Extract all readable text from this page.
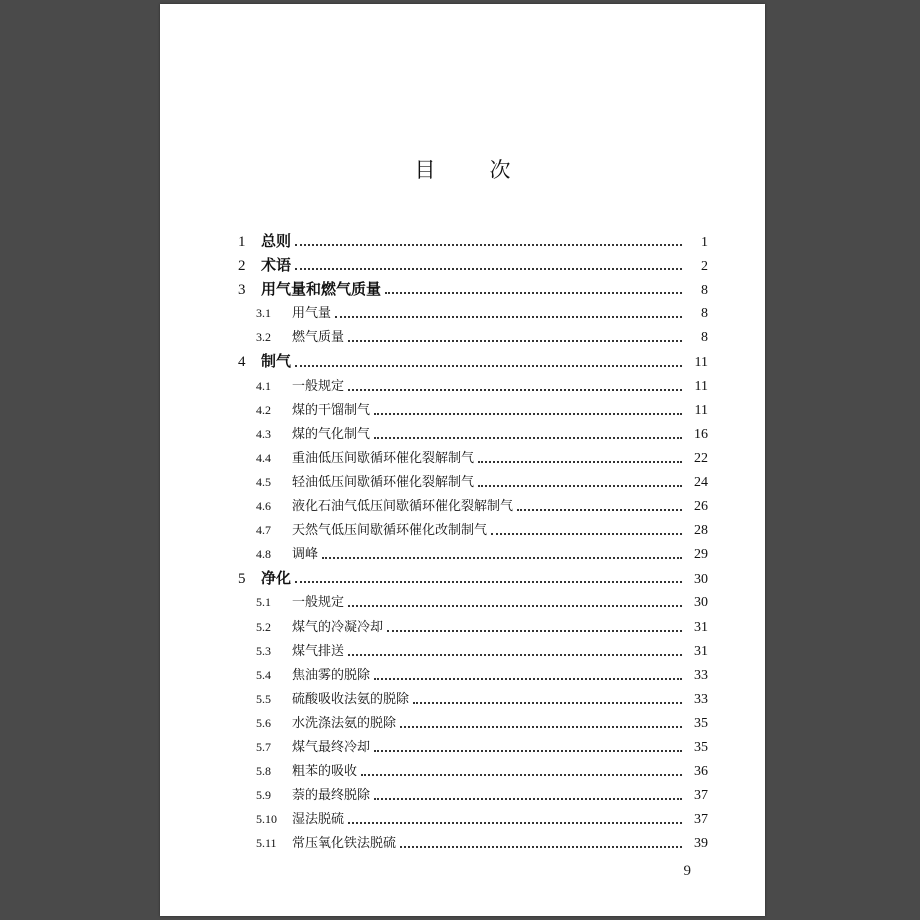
目	次
1	总则	1
2	术语	2
3	用气量和燃气质量	8
3.1	用气量	8
3.2	燃气质量	8
4	制气	11
4.1	一般规定	11
4.2	煤的干馏制气	11
4.3	煤的气化制气	16
4.4	重油低压间歇循环催化裂解制气	22
4.5	轻油低压间歇循环催化裂解制气	24
4.6	液化石油气低压间歇循环催化裂解制气	26
4.7	天然气低压间歇循环催化改制制气	28
4.8	调峰	29
5	净化	30
5.1	一般规定	30
5.2	煤气的冷凝冷却	31
5.3	煤气排送	31
5.4	焦油雾的脱除	33
5.5	硫酸吸收法氨的脱除	33
5.6	水洗涤法氨的脱除	35
5.7	煤气最终冷却	35
5.8	粗苯的吸收	36
5.9	萘的最终脱除	37
5.10	湿法脱硫	37
5.11	常压氧化铁法脱硫	39
9
